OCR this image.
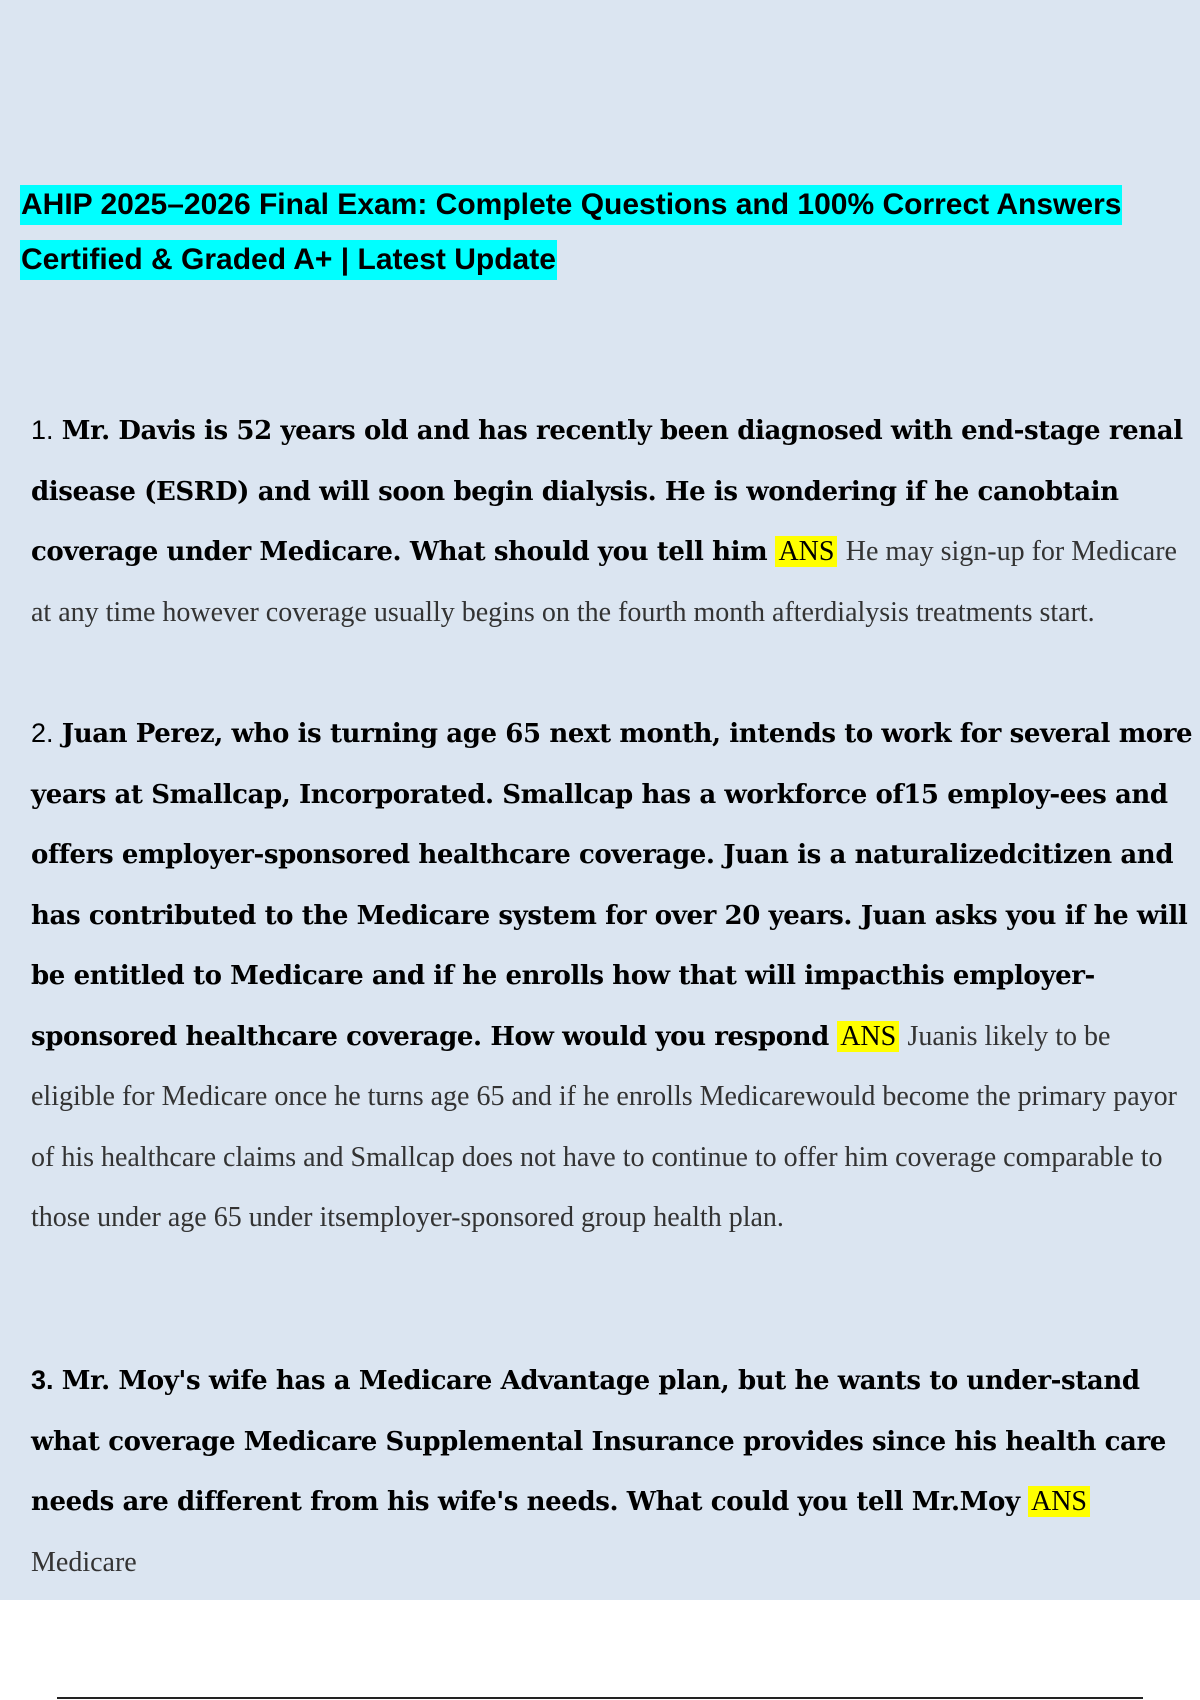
AHIP 2025–2026 Final Exam: Complete Questions and 100% Correct Answers
Certified & Graded A+ | Latest Update

1. Mr. Davis is 52 years old and has recently been diagnosed with end-stage renal disease (ESRD) and will soon begin dialysis. He is wondering if he canobtain coverage under Medicare. What should you tell him ANS He may sign-up for Medicare at any time however coverage usually begins on the fourth month afterdialysis treatments start.

2. Juan Perez, who is turning age 65 next month, intends to work for several more years at Smallcap, Incorporated. Smallcap has a workforce of15 employ-ees and offers employer-sponsored healthcare coverage. Juan is a naturalizedcitizen and has contributed to the Medicare system for over 20 years. Juan asks you if he will be entitled to Medicare and if he enrolls how that will impacthis employer-sponsored healthcare coverage. How would you respond ANS Juanis likely to be eligible for Medicare once he turns age 65 and if he enrolls Medicarewould become the primary payor of his healthcare claims and Smallcap does not have to continue to offer him coverage comparable to those under age 65 under itsemployer-sponsored group health plan.

3. Mr. Moy's wife has a Medicare Advantage plan, but he wants to under-stand what coverage Medicare Supplemental Insurance provides since his health care needs are different from his wife's needs. What could you tell Mr.Moy ANS Medicare
